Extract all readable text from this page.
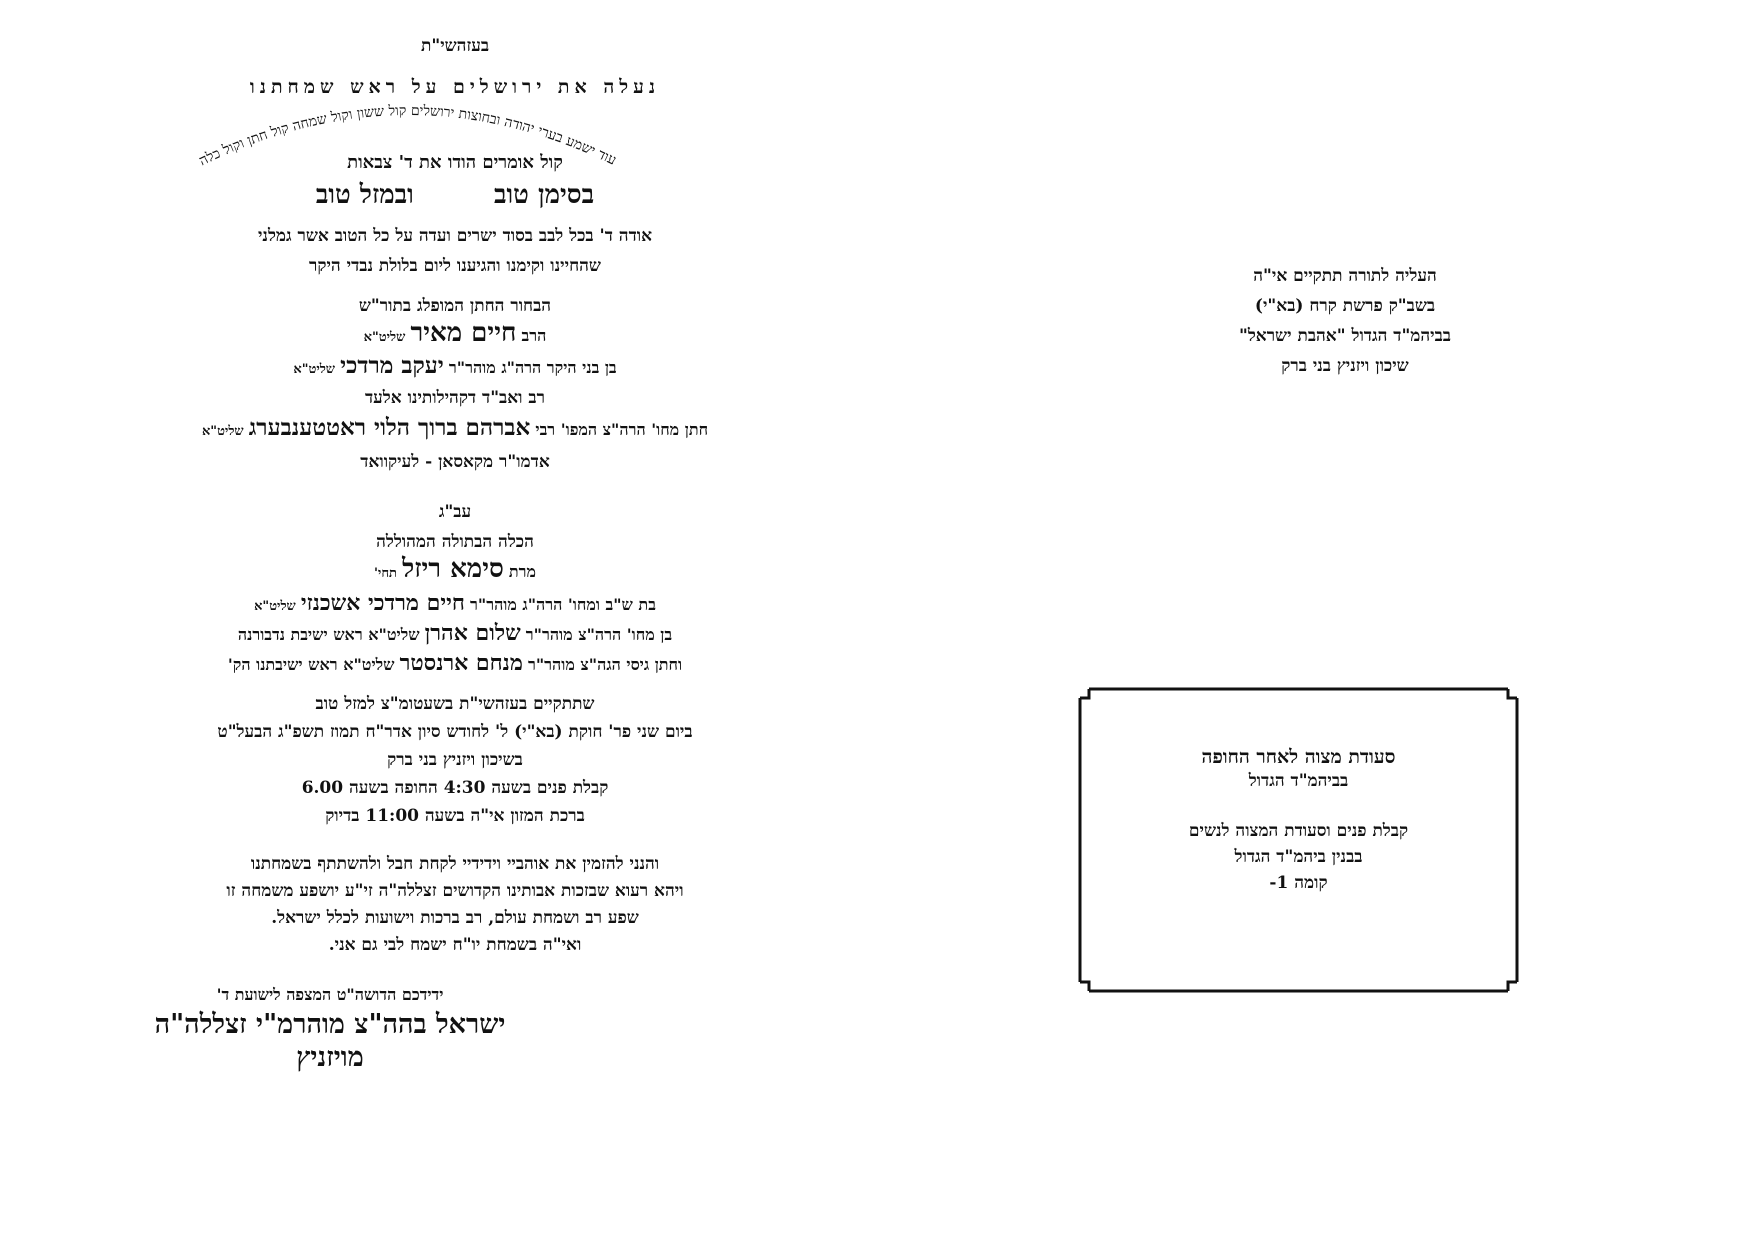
בעזהשי"ת
נעלה את ירושלים על ראש שמחתנו
עוד ישמע בערי יהודה ובחוצות ירושלים קול ששון וקול שמחה קול חתן וקול כלה
קול אומרים הודו את ד' צבאות
בסימן טוב  ובמזל טוב
אודה ד' בכל לבב בסוד ישרים ועדה על כל הטוב אשר גמלני
שהחיינו וקימנו והגיענו ליום בלולת נבדי היקר
הבחור החתן המופלג בתור"ש
הרב חיים מאיר שליט"א
בן בני היקר הרה"ג מוהר"ר יעקב מרדכי שליט"א
רב ואב"ד דקהילותינו אלעד
חתן מחו' הרה"צ המפו' רבי אברהם ברוך הלוי ראטטענבערג שליט"א
אדמו"ר מקאסאן - לעיקוואד
עב"ג
הכלה הבתולה המהוללה
מרת סימא ריזל תחי'
בת ש"ב ומחו' הרה"ג מוהר"ר חיים מרדכי אשכנזי שליט"א
בן מחו' הרה"צ מוהר"ר שלום אהרן שליט"א ראש ישיבת נדבורנה
וחתן גיסי הגה"צ מוהר"ר מנחם ארנסטר שליט"א ראש ישיבתנו הק'
שתתקיים בעזהשי"ת בשעטומ"צ למזל טוב
ביום שני פר' חוקת (בא"י) ל' לחודש סיון אדר"ח תמוז תשפ"ג הבעל"ט
בשיכון ויזניץ בני ברק
קבלת פנים בשעה 4:30 החופה בשעה 6.00
ברכת המזון אי"ה בשעה 11:00 בדיוק
והנני להזמין את אוהביי וידידיי לקחת חבל ולהשתתף בשמחתנו
ויהא רעוא שבזכות אבותינו הקדושים זצללה"ה זי"ע יושפע משמחה זו
שפע רב ושמחת עולם, רב ברכות וישועות לכלל ישראל.
ואי"ה בשמחת יו"ח ישמח לבי גם אני.
ידידכם הדושה"ט המצפה לישועת ד'
ישראל בהה"צ מוהרמ"י זצללה"ה
מויזניץ
העליה לתורה תתקיים אי"ה
בשב"ק פרשת קרח (בא"י)
בביהמ"ד הגדול "אהבת ישראל"
שיכון ויזניץ בני ברק
סעודת מצוה לאחר החופה
בביהמ"ד הגדול
קבלת פנים וסעודת המצוה לנשים
בבנין ביהמ"ד הגדול
קומה 1-
